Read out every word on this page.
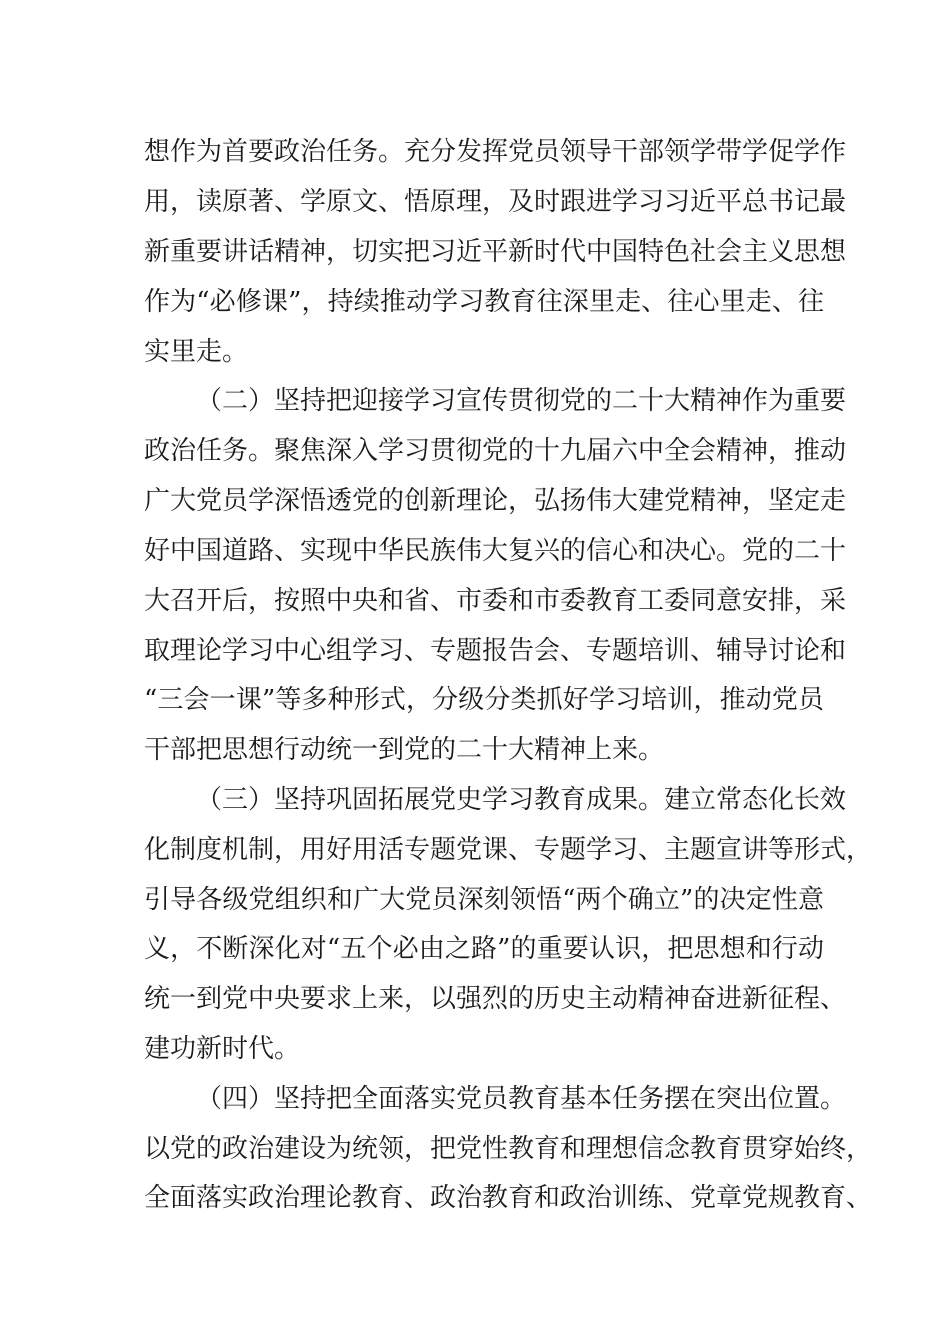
想作为首要政治任务。充分发挥党员领导干部领学带学促学作

用，读原著、学原文、悟原理，及时跟进学习习近平总书记最

新重要讲话精神，切实把习近平新时代中国特色社会主义思想

作为“必修课”，持续推动学习教育往深里走、往心里走、往

实里走。

（二）坚持把迎接学习宣传贯彻党的二十大精神作为重要

政治任务。聚焦深入学习贯彻党的十九届六中全会精神，推动

广大党员学深悟透党的创新理论，弘扬伟大建党精神，坚定走

好中国道路、实现中华民族伟大复兴的信心和决心。党的二十

大召开后，按照中央和省、市委和市委教育工委同意安排，采

取理论学习中心组学习、专题报告会、专题培训、辅导讨论和

“三会一课”等多种形式，分级分类抓好学习培训，推动党员

干部把思想行动统一到党的二十大精神上来。

（三）坚持巩固拓展党史学习教育成果。建立常态化长效

化制度机制，用好用活专题党课、专题学习、主题宣讲等形式，

引导各级党组织和广大党员深刻领悟“两个确立”的决定性意

义，不断深化对“五个必由之路”的重要认识，把思想和行动

统一到党中央要求上来，以强烈的历史主动精神奋进新征程、

建功新时代。

（四）坚持把全面落实党员教育基本任务摆在突出位置。

以党的政治建设为统领，把党性教育和理想信念教育贯穿始终，

全面落实政治理论教育、政治教育和政治训练、党章党规教育、
